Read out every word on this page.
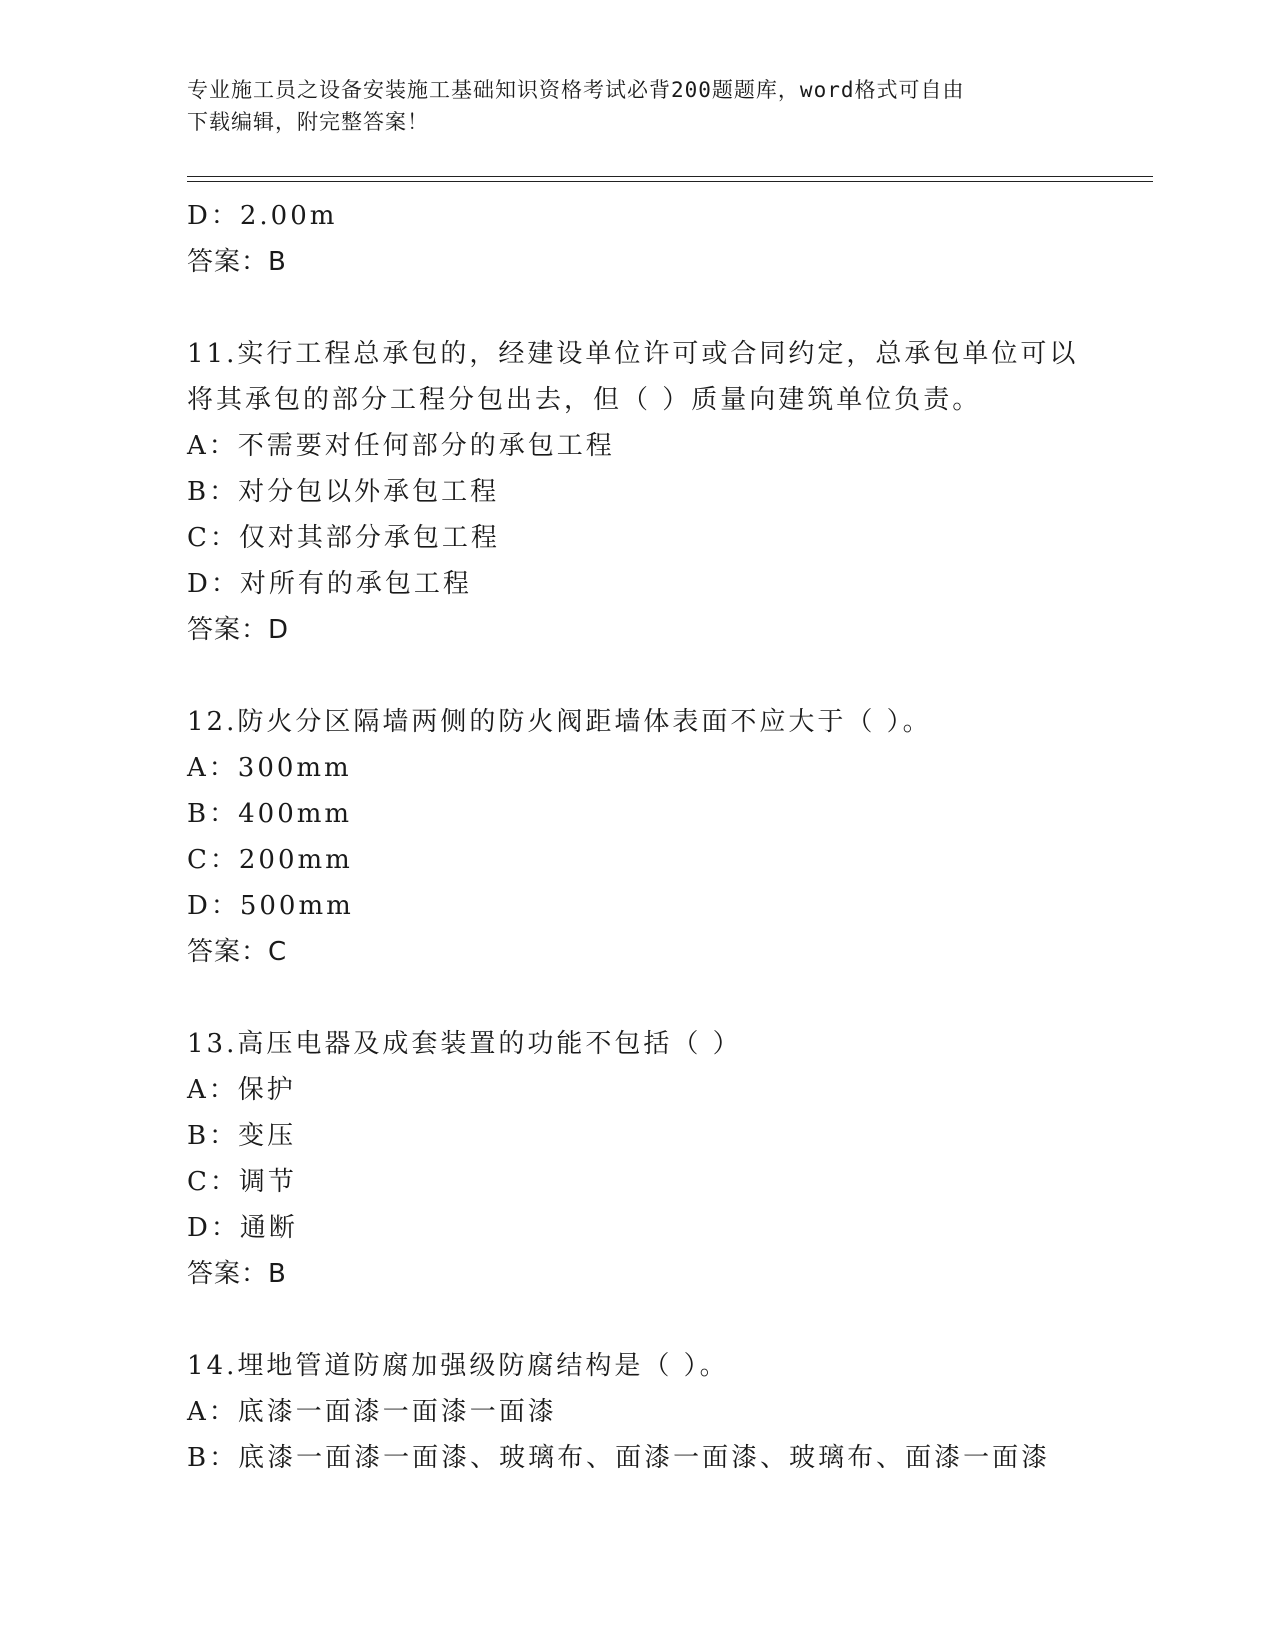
专业施工员之设备安装施工基础知识资格考试必背200题题库，word格式可自由
下载编辑，附完整答案！
D：2.00m
答案：B
11.实行工程总承包的，经建设单位许可或合同约定，总承包单位可以
将其承包的部分工程分包出去，但（ ）质量向建筑单位负责。
A：不需要对任何部分的承包工程
B：对分包以外承包工程
C：仅对其部分承包工程
D：对所有的承包工程
答案：D
12.防火分区隔墙两侧的防火阀距墙体表面不应大于（ ）。
A：300mm
B：400mm
C：200mm
D：500mm
答案：C
13.高压电器及成套装置的功能不包括（ ）
A：保护
B：变压
C：调节
D：通断
答案：B
14.埋地管道防腐加强级防腐结构是（ ）。
A：底漆一面漆一面漆一面漆
B：底漆一面漆一面漆、玻璃布、面漆一面漆、玻璃布、面漆一面漆
